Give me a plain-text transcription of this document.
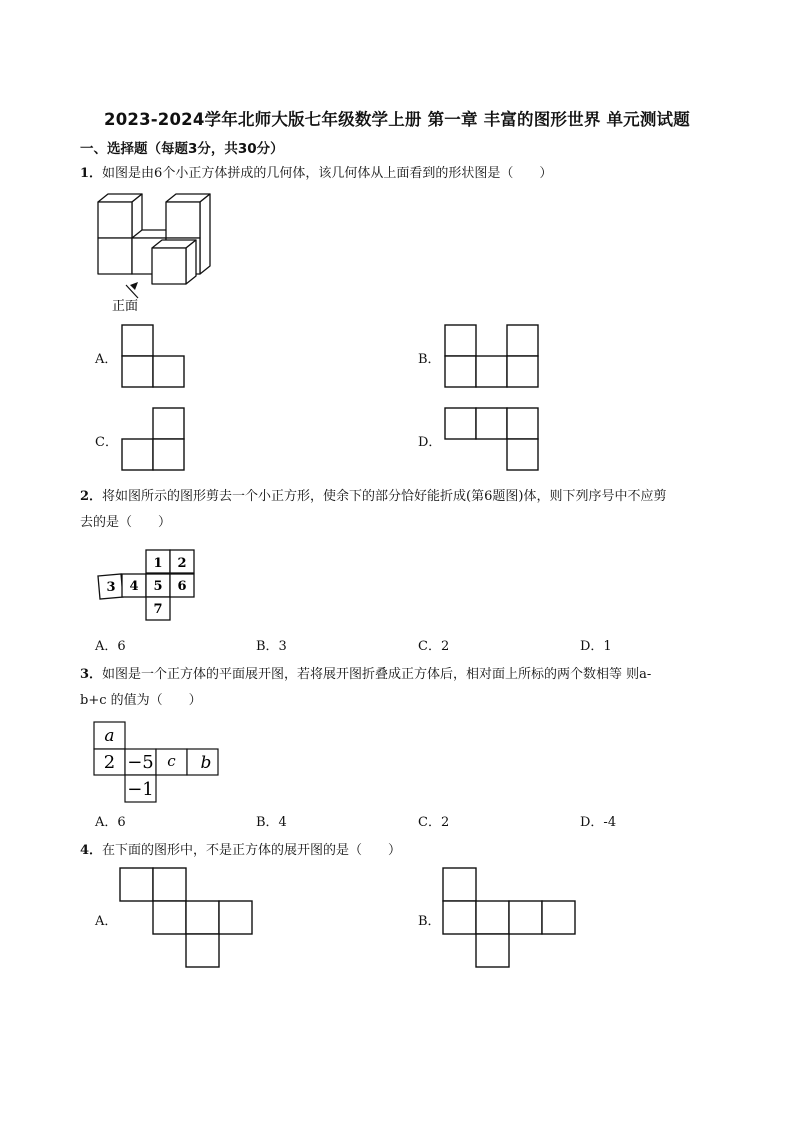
2023-2024学年北师大版七年级数学上册 第一章 丰富的图形世界 单元测试题
一、选择题（每题3分，共30分）
1．如图是由6个小正方体拼成的几何体，该几何体从上面看到的形状图是（　　）
正面
A．	B．
C．	D．
2．将如图所示的图形剪去一个小正方形，使余下的部分恰好能折成(第6题图)体，则下列序号中不应剪
去的是（　　）
1 2
3 4 5 6
7
A．6	B．3	C．2	D．1
3．如图是一个正方体的平面展开图，若将展开图折叠成正方体后，相对面上所标的两个数相等 则a-
b+c 的值为（　　）
a
2 −5 c b
−1
A．6	B．4	C．2	D．-4
4．在下面的图形中，不是正方体的展开图的是（　　）
A．	B．
